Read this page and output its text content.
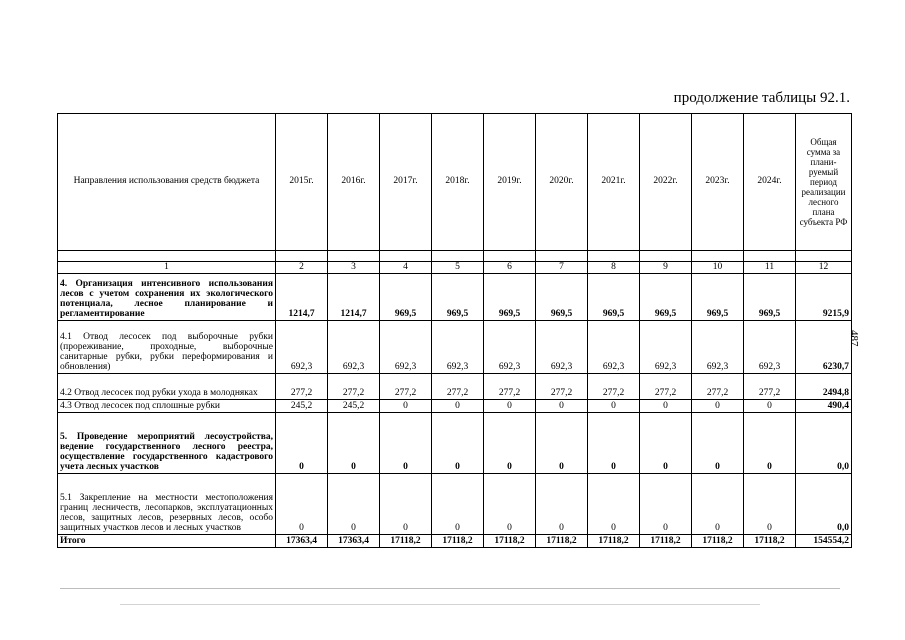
продолжение таблицы 92.1.
487
Направления использования средств бюджета	2015г.	2016г.	2017г.	2018г.	2019г.	2020г.	2021г.	2022г.	2023г.	2024г.	Общая сумма за плани-руемый период реализации лесного плана субъекта РФ

1	2	3	4	5	6	7	8	9	10	11	12
4. Организация интенсивного использования лесов с учетом сохранения их экологического потенциала, лесное планирование и регламентирование	1214,7	1214,7	969,5	969,5	969,5	969,5	969,5	969,5	969,5	969,5	9215,9
4.1 Отвод лесосек под выборочные рубки (прореживание, проходные, выборочные санитарные рубки, рубки переформирования и обновления)	692,3	692,3	692,3	692,3	692,3	692,3	692,3	692,3	692,3	692,3	6230,7
4.2 Отвод лесосек под рубки ухода в молодняках	277,2	277,2	277,2	277,2	277,2	277,2	277,2	277,2	277,2	277,2	2494,8
4.3 Отвод лесосек под сплошные рубки	245,2	245,2	0	0	0	0	0	0	0	0	490,4
5. Проведение мероприятий лесоустройства, ведение государственного лесного реестра, осуществление государственного кадастрового учета лесных участков	0	0	0	0	0	0	0	0	0	0	0,0
5.1 Закрепление на местности местоположения границ лесничеств, лесопарков, эксплуатационных лесов, защитных лесов, резервных лесов, особо защитных участков лесов и лесных участков	0	0	0	0	0	0	0	0	0	0	0,0
Итого	17363,4	17363,4	17118,2	17118,2	17118,2	17118,2	17118,2	17118,2	17118,2	17118,2	154554,2
